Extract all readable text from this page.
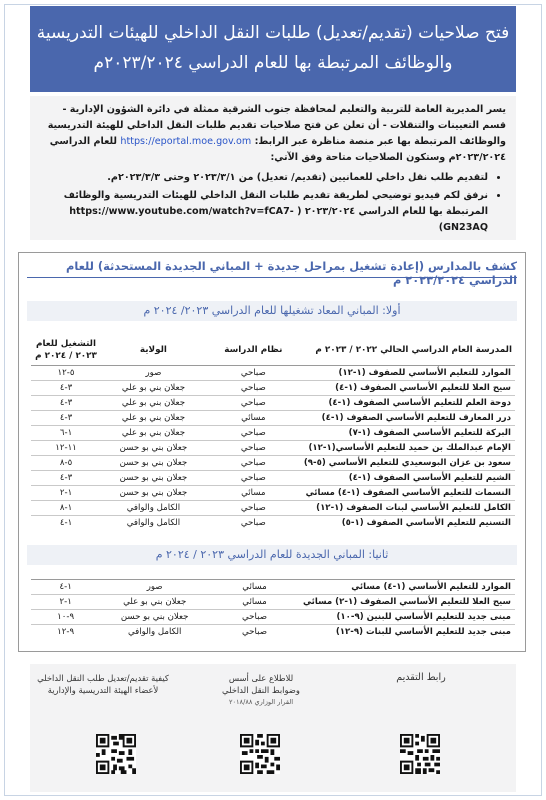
فتح صلاحيات (تقديم/تعديل) طلبات النقل الداخلي للهيئات التدريسية
والوظائف المرتبطة بها للعام الدراسي ٢٠٢٣/٢٠٢٤م

يسر المديرية العامة للتربية والتعليم لمحافظة جنوب الشرقية ممثلة في دائرة الشؤون الإدارية - قسم التعيينات والتنقلات - أن تعلن عن فتح صلاحيات تقديم طلبات النقل الداخلي للهيئة التدريسية والوظائف المرتبطة بها عبر منصة مناظرة عبر الرابط: https://eportal.moe.gov.om للعام الدراسي ٢٠٢٣/٢٠٢٤م وستكون الصلاحيات متاحة وفق الآتي:

• لتقديم طلب نقل داخلي للعمانيين (تقديم/ تعديل) من ٢٠٢٣/٣/١ وحتى ٢٠٢٣/٣/٣م.
• نرفق لكم فيديو توضيحي لطريقة تقديم طلبات النقل الداخلي للهيئات التدريسية والوظائف المرتبطة بها للعام الدراسي ٢٠٢٣/٢٠٢٤ ( https://www.youtube.com/watch?v=fCA7-GN23AQ)
كشف بالمدارس (إعادة تشغيل بمراحل جديدة + المباني الجديدة المستحدثة) للعام الدراسي ٢٠٢٣/٢٠٢٤ م
أولا: المباني المعاد تشغيلها للعام الدراسي ٢٠٢٣/ ٢٠٢٤ م
المدرسة العام الدراسي الحالي ٢٠٢٢ / ٢٠٢٣ م	نظام الدراسة	الولاية	التشغيل للعام ٢٠٢٣ / ٢٠٢٤ م
الموارد للتعليم الأساسي للصفوف (١-١٢)	صباحي	صور	٥-١٢
سيح العلا للتعليم الأساسي الصفوف (١-٤)	صباحي	جعلان بني بو علي	٣-٤
دوحة العلم للتعليم الأساسي الصفوف (١-٤)	صباحي	جعلان بني بو علي	٣-٤
درر المعارف للتعليم الأساسي الصفوف (١-٤)	مسائي	جعلان بني بو علي	٣-٤
البركة للتعليم الأساسي الصفوف (١-٧)	صباحي	جعلان بني بو علي	١-٦
الإمام عبدالملك بن حميد للتعليم الأساسي(١-١٢)	صباحي	جعلان بني بو حسن	١١-١٢
سعود بن عزان البوسعيدي للتعليم الأساسي (٥-٩)	صباحي	جعلان بني بو حسن	٥-٨
الشيم للتعليم الأساسي الصفوف (١-٤)	صباحي	جعلان بني بو حسن	٣-٤
النسمات للتعليم الأساسي الصفوف (١-٤) مسائي	مسائي	جعلان بني بو حسن	١-٢
الكامل للتعليم الأساسي لبنات الصفوف (١-١٢)	صباحي	الكامل والوافي	١-٨
التسنيم للتعليم الأساسي الصفوف (١-٥)	صباحي	الكامل والوافي	١-٤
ثانيا: المباني الجديدة للعام الدراسي ٢٠٢٣ / ٢٠٢٤ م
الموارد للتعليم الأساسي (١-٤) مسائي	مسائي	صور	١-٤
سيح العلا للتعليم الأساسي الصفوف (١-٢) مسائي	مسائي	جعلان بني بو علي	١-٢
مبنى جديد للتعليم الأساسي للبنين (٩-١٠)	صباحي	جعلان بني بو حسن	٩-١٠
مبنى جديد للتعليم الأساسي للبنات (٩-١٢)	صباحي	الكامل والوافي	٩-١٢
رابط التقديم
للاطلاع على أسس
وضوابط النقل الداخلي
القرار الوزاري ٢٠١٨/٨٨
كيفية تقديم/تعديل طلب النقل الداخلي
لأعضاء الهيئة التدريسية والإدارية
